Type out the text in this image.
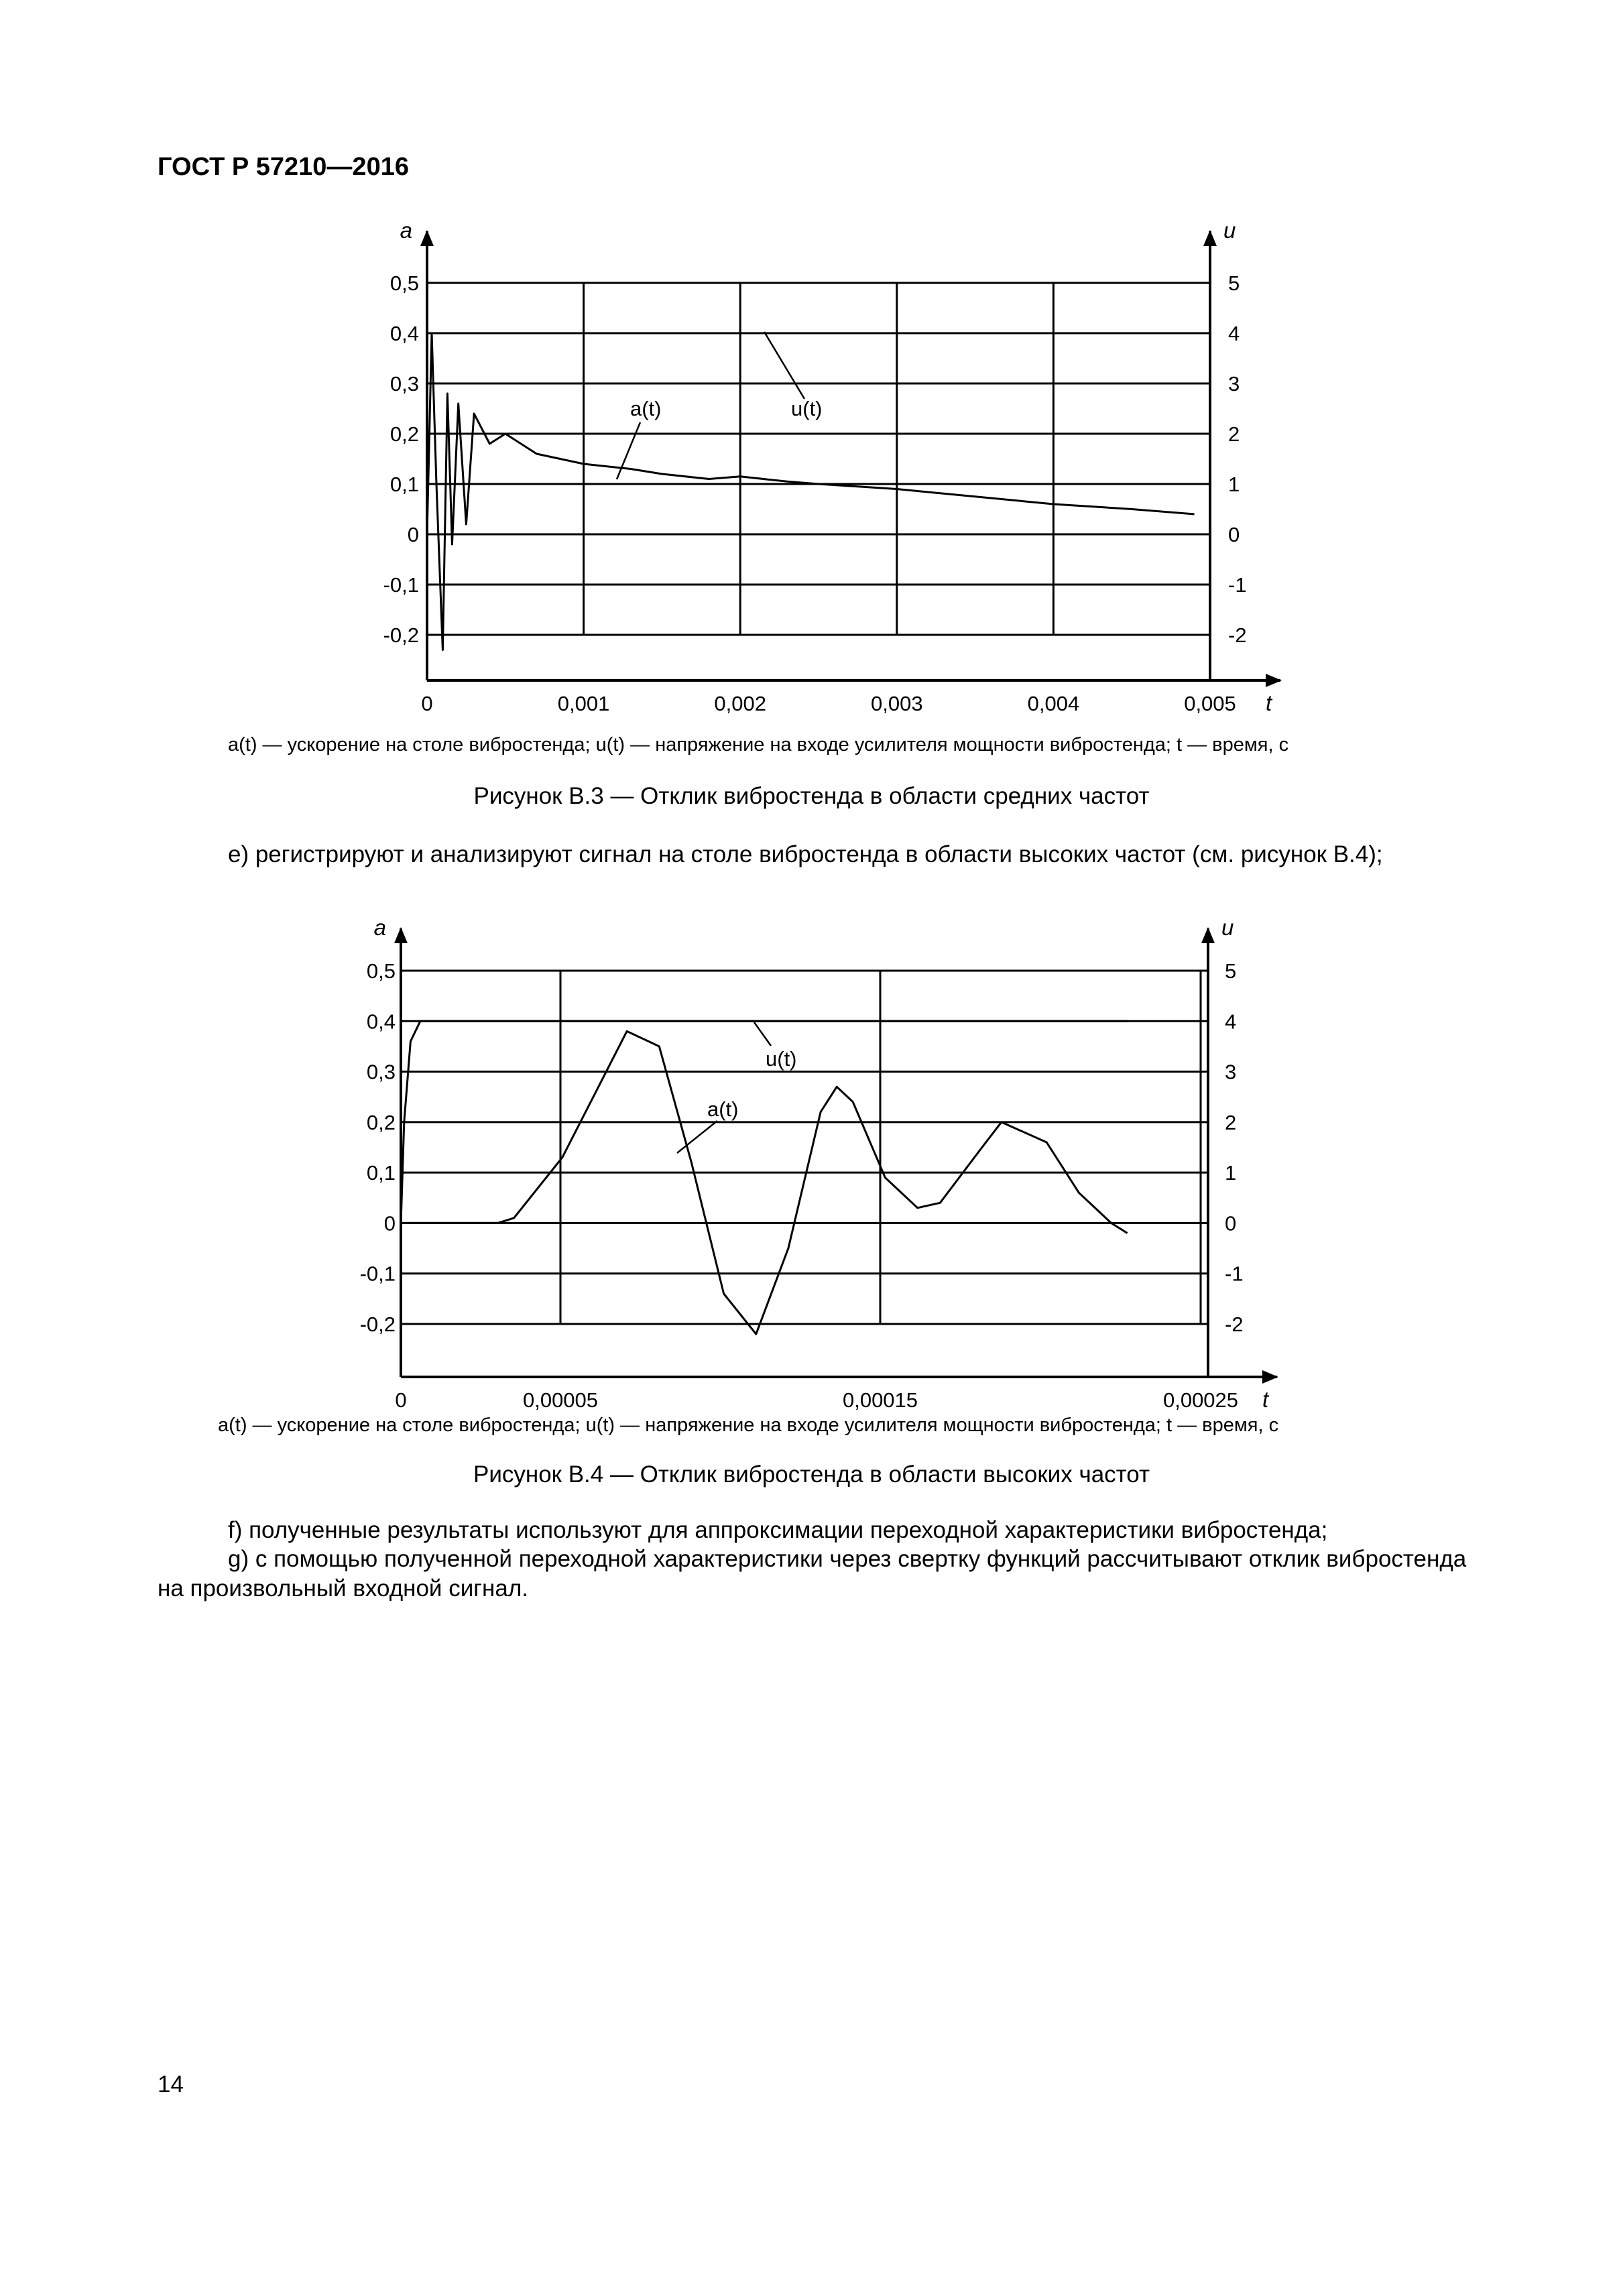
ГОСТ Р 57210—2016
0	0,001	0,002	0,003	0,004	0,005
a	u
t
0,5
0,4
0,3
0,2
0,1
0
-0,1
-0,2
5
4
3
2
1
0
-1
-2
a(t)	u(t)
a(t) — ускорение на столе вибростенда; u(t) — напряжение на входе усилителя мощности вибростенда; t — время, с
Рисунок В.3 — Отклик вибростенда в области средних частот
е) регистрируют и анализируют сигнал на столе вибростенда в области высоких частот (см. рисунок В.4);
0	0,00005	0,00015	0,00025
a	u
t
0,5
0,4
0,3
0,2
0,1
0
-0,1
-0,2
5
4
3
2
1
0
-1
-2
a(t)
u(t)
a(t) — ускорение на столе вибростенда; u(t) — напряжение на входе усилителя мощности вибростенда; t — время, с
Рисунок В.4 — Отклик вибростенда в области высоких частот
f) полученные результаты используют для аппроксимации переходной характеристики вибростенда;
g) с помощью полученной переходной характеристики через свертку функций рассчитывают отклик вибростенда
на произвольный входной сигнал.
14
